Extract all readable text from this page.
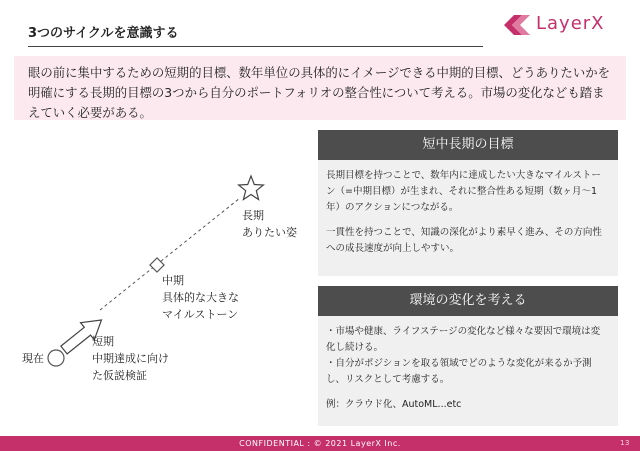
3つのサイクルを意識する	LayerX
眼の前に集中するための短期的目標、数年単位の具体的にイメージできる中期的目標、どうありたいかを明確にする長期的目標の3つから自分のポートフォリオの整合性について考える。市場の変化なども踏まえていく必要がある。
現在
短期
中期達成に向け
た仮説検証
中期
具体的な大きな
マイルストーン
長期
ありたい姿
短中長期の目標

長期目標を持つことで、数年内に達成したい大きなマイルストーン（=中期目標）が生まれ、それに整合性ある短期（数ヶ月〜1年）のアクションにつながる。

一貫性を持つことで、知識の深化がより素早く進み、その方向性への成長速度が向上しやすい。

環境の変化を考える

・市場や健康、ライフステージの変化など様々な要因で環境は変化し続ける。
・自分がポジションを取る領域でどのような変化が来るか予測し、リスクとして考慮する。

例：クラウド化、AutoML...etc

CONFIDENTIAL : © 2021 LayerX Inc.	13
